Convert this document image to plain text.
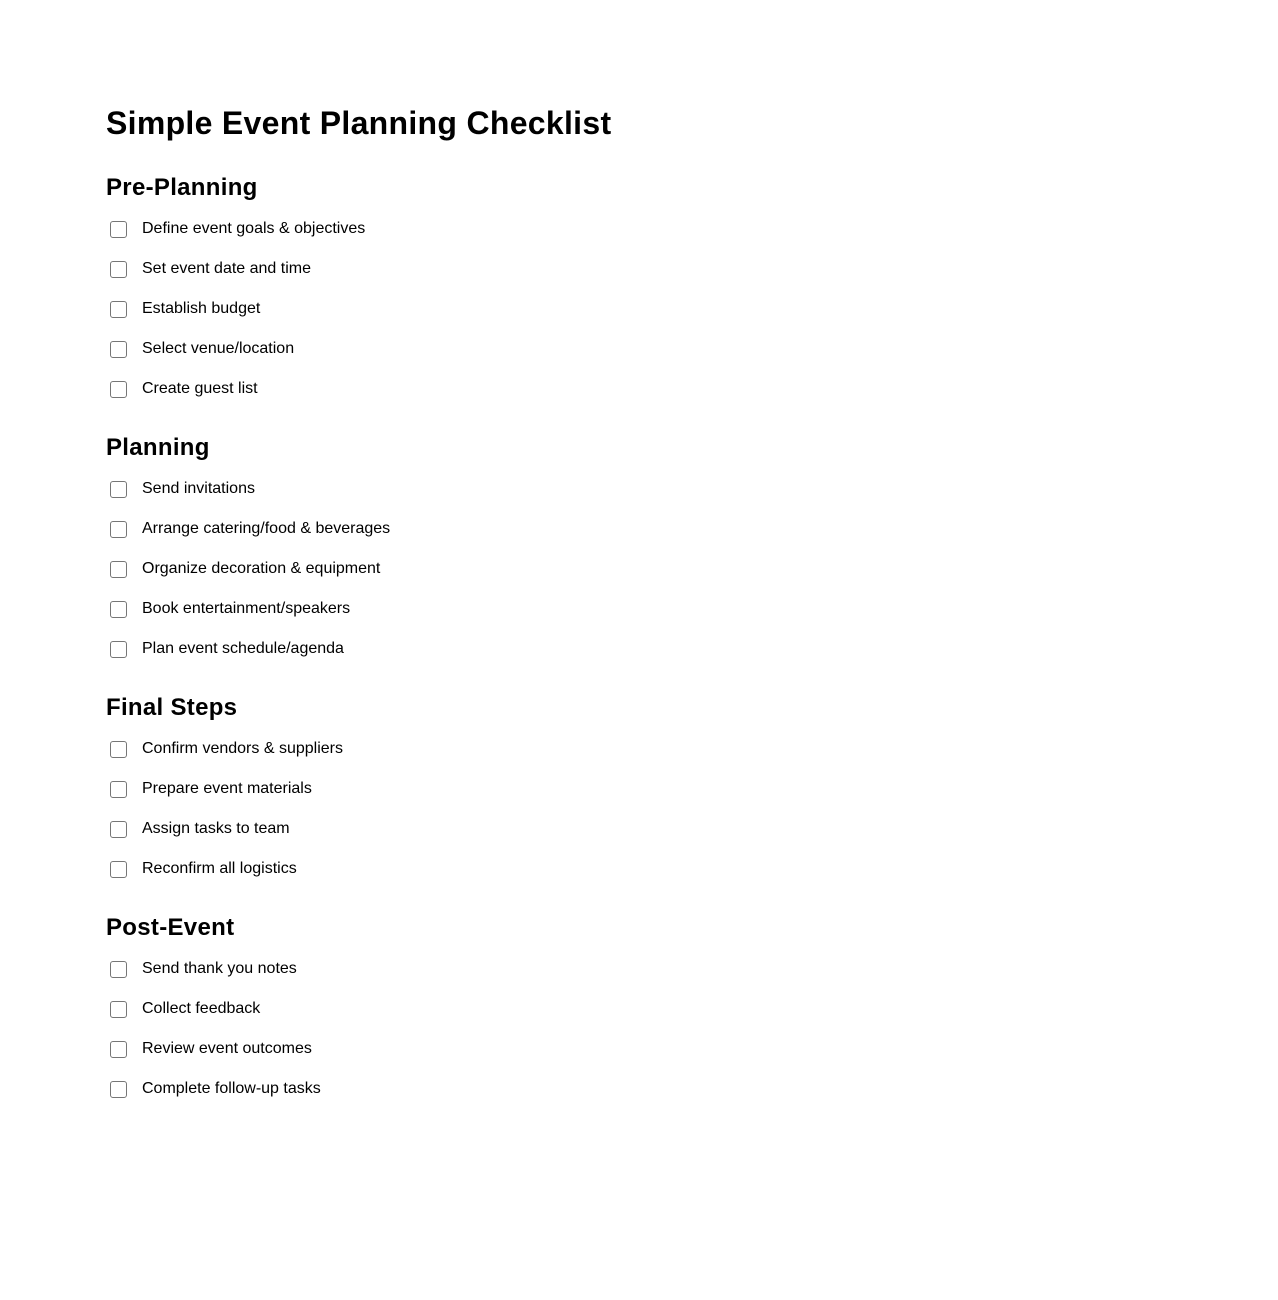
Simple Event Planning Checklist
Pre-Planning
Define event goals & objectives
Set event date and time
Establish budget
Select venue/location
Create guest list
Planning
Send invitations
Arrange catering/food & beverages
Organize decoration & equipment
Book entertainment/speakers
Plan event schedule/agenda
Final Steps
Confirm vendors & suppliers
Prepare event materials
Assign tasks to team
Reconfirm all logistics
Post-Event
Send thank you notes
Collect feedback
Review event outcomes
Complete follow-up tasks
